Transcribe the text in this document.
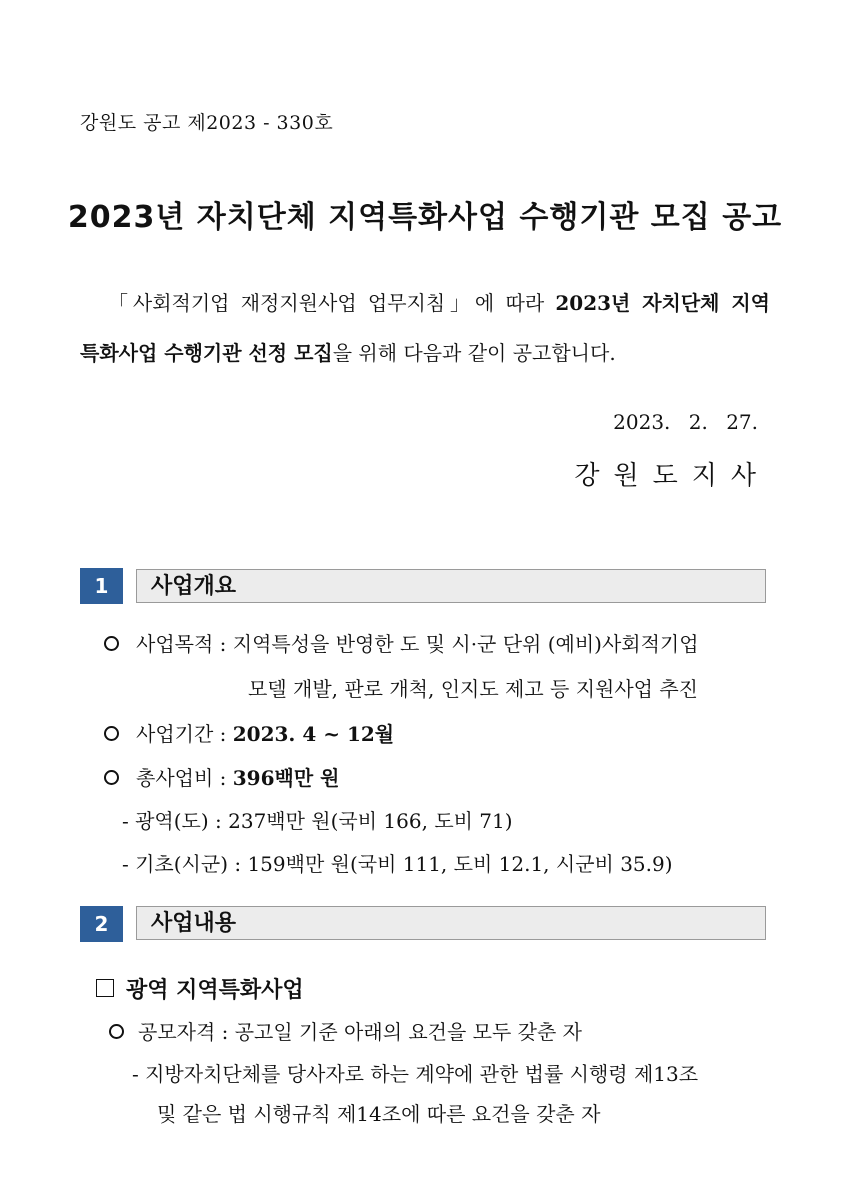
강원도 공고 제2023 - 330호
2023년 자치단체 지역특화사업 수행기관 모집 공고
「사회적기업 재정지원사업 업무지침」에 따라 2023년 자치단체 지역
특화사업 수행기관 선정 모집을 위해 다음과 같이 공고합니다.
2023. 2. 27.
강원도지사
1	사업개요
사업목적 : 지역특성을 반영한 도 및 시·군 단위 (예비)사회적기업
모델 개발, 판로 개척, 인지도 제고 등 지원사업 추진
사업기간 : 2023. 4 ~ 12월
총사업비 : 396백만 원
- 광역(도) : 237백만 원(국비 166, 도비 71)
- 기초(시군) : 159백만 원(국비 111, 도비 12.1, 시군비 35.9)
2	사업내용
광역 지역특화사업
공모자격 : 공고일 기준 아래의 요건을 모두 갖춘 자
- 지방자치단체를 당사자로 하는 계약에 관한 법률 시행령 제13조
및 같은 법 시행규칙 제14조에 따른 요건을 갖춘 자
